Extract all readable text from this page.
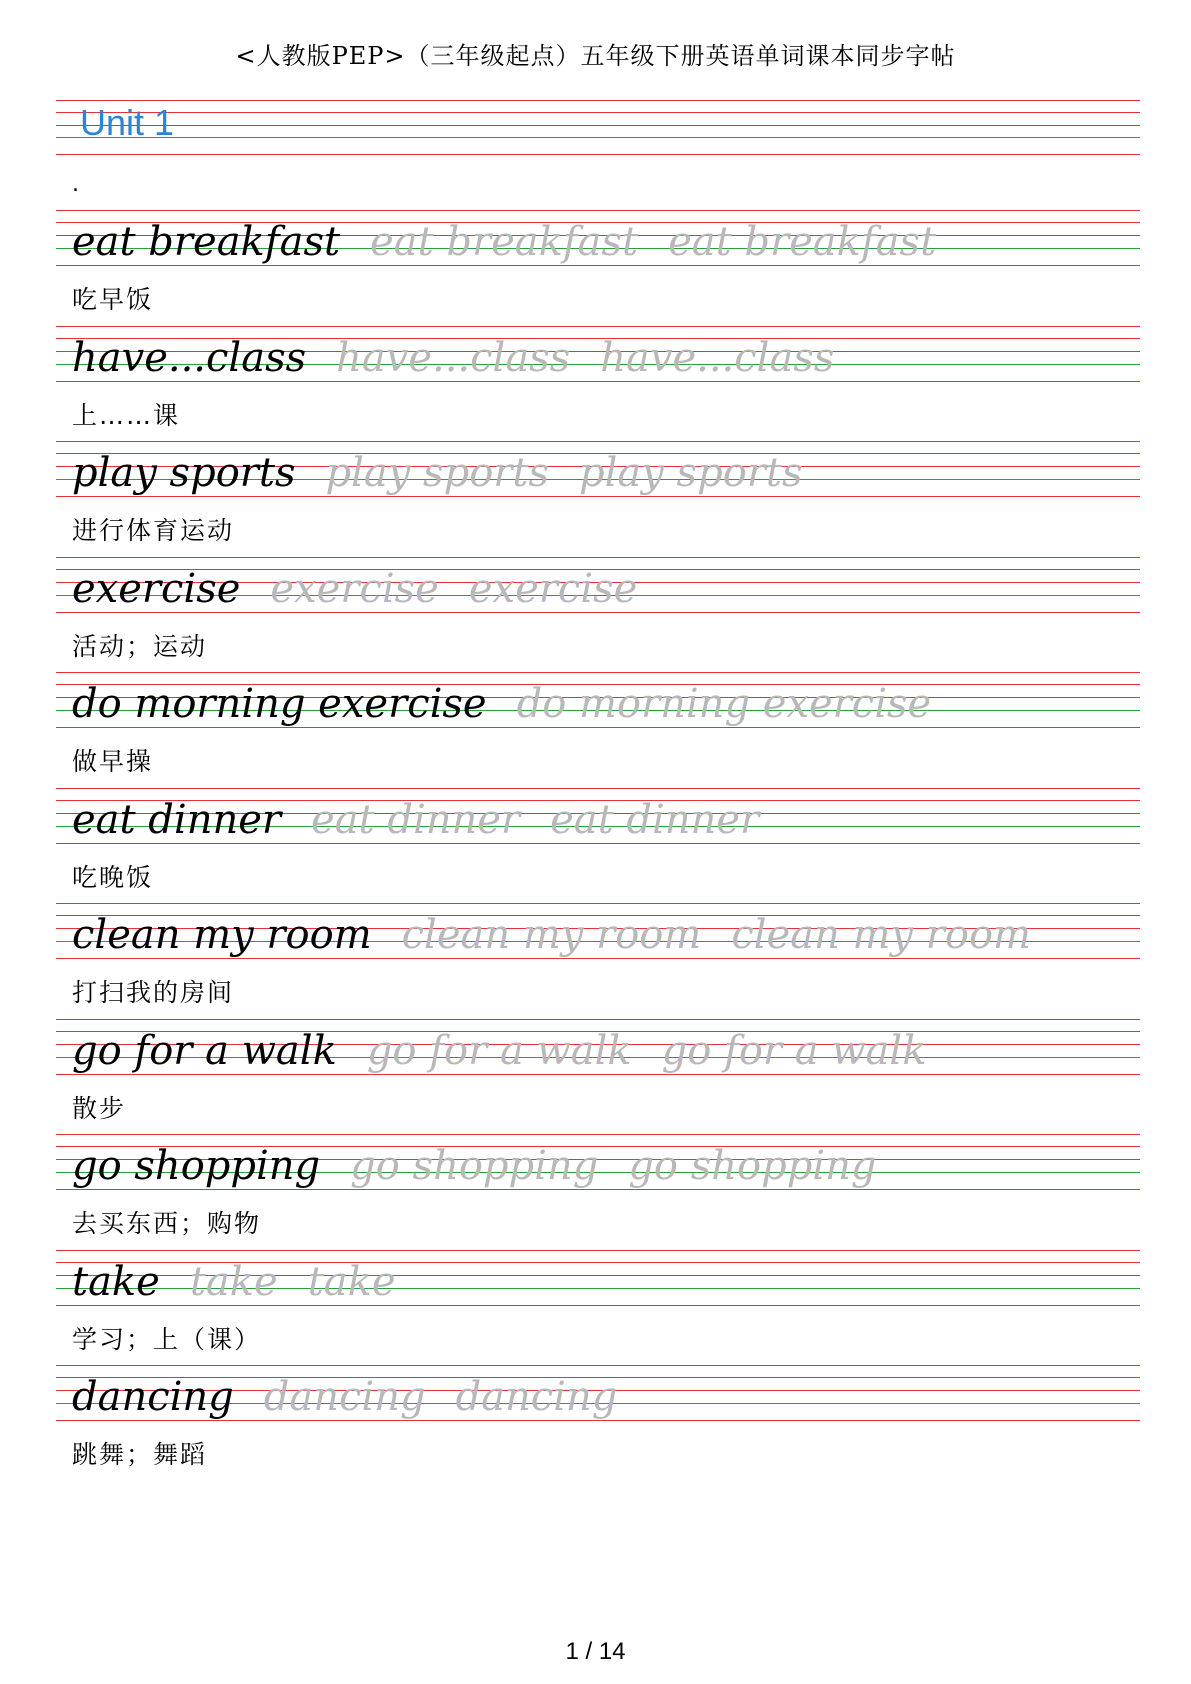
<人教版PEP>（三年级起点）五年级下册英语单词课本同步字帖
Unit 1
.
eat breakfast eat breakfast eat breakfast
吃早饭
have...class have...class have...class
上……课
play sports play sports play sports
进行体育运动
exercise exercise exercise
活动；运动
do morning exercise do morning exercise
做早操
eat dinner eat dinner eat dinner
吃晚饭
clean my room clean my room clean my room
打扫我的房间
go for a walk go for a walk go for a walk
散步
go shopping go shopping go shopping
去买东西；购物
take take take
学习；上（课）
dancing dancing dancing
跳舞；舞蹈
1 / 14
